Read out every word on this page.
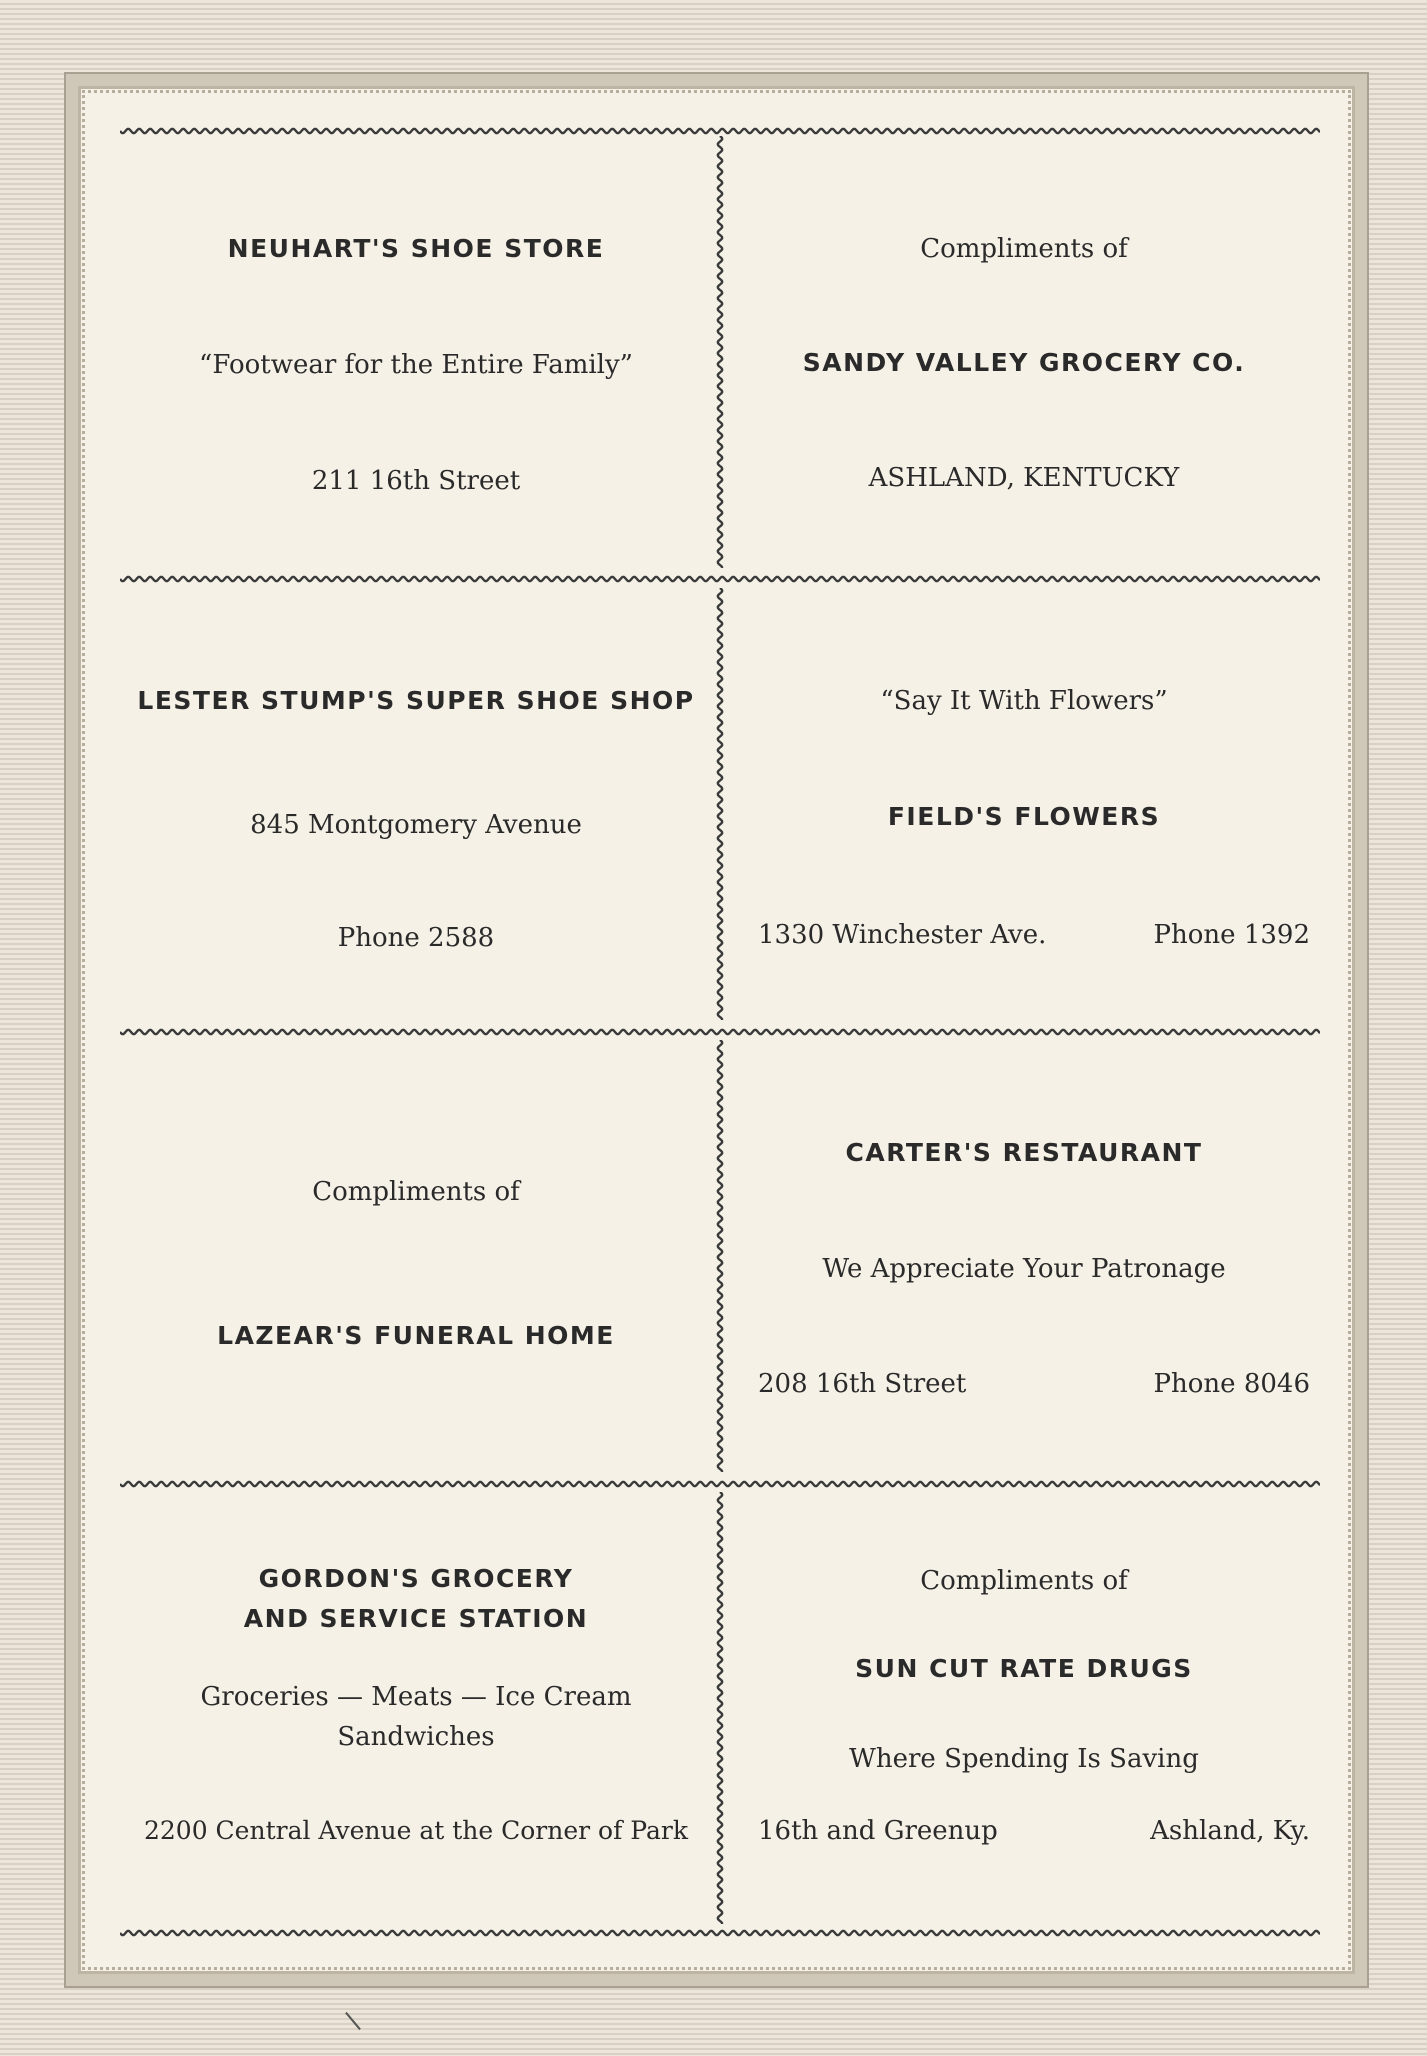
NEUHART'S SHOE STORE

“Footwear for the Entire Family”

211 16th Street

Compliments of

SANDY VALLEY GROCERY CO.

ASHLAND, KENTUCKY

LESTER STUMP'S SUPER SHOE SHOP

845 Montgomery Avenue

Phone 2588

“Say It With Flowers”

FIELD'S FLOWERS

1330 Winchester Ave.	Phone 1392

Compliments of

LAZEAR'S FUNERAL HOME

CARTER'S RESTAURANT

We Appreciate Your Patronage

208 16th Street	Phone 8046

GORDON'S GROCERY

AND SERVICE STATION

Groceries — Meats — Ice Cream

Sandwiches

2200 Central Avenue at the Corner of Park

Compliments of

SUN CUT RATE DRUGS

Where Spending Is Saving

16th and Greenup	Ashland, Ky.
